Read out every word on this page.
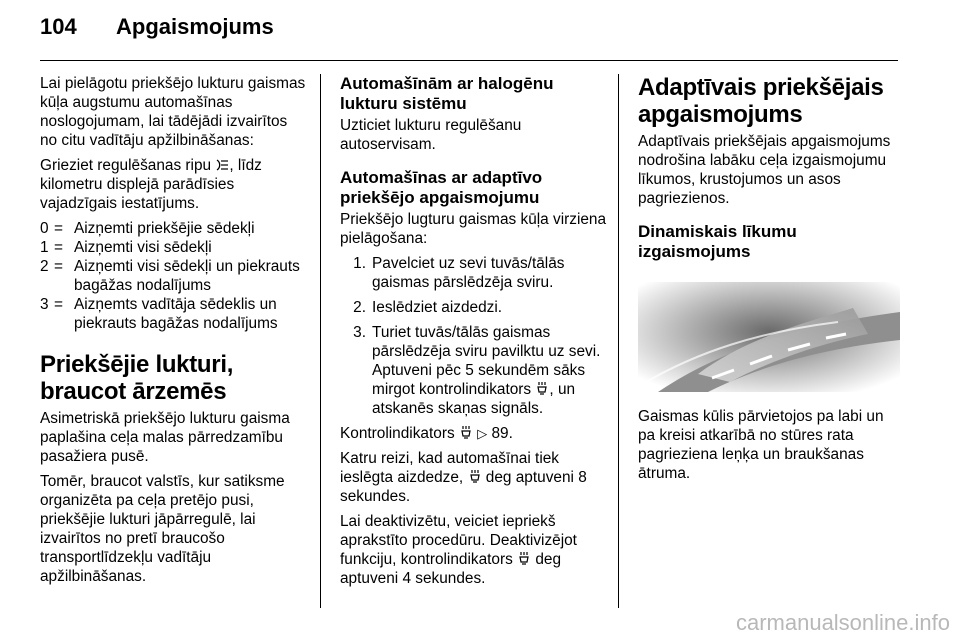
104 Apgaismojums

Lai pielāgotu priekšējo lukturu gaismas kūļa augstumu automašīnas noslogojumam, lai tādējādi izvairītos no citu vadītāju apžilbināšanas:

Grieziet regulēšanas ripu , līdz kilometru displejā parādīsies vajadzīgais iestatījums.

0 = Aizņemti priekšējie sēdekļi
1 = Aizņemti visi sēdekļi
2 = Aizņemti visi sēdekļi un piekrauts bagāžas nodalījums
3 = Aizņemts vadītāja sēdeklis un piekrauts bagāžas nodalījums
Priekšējie lukturi, braucot ārzemēs

Asimetriskā priekšējo lukturu gaisma paplašina ceļa malas pārredzamību pasažiera pusē.

Tomēr, braucot valstīs, kur satiksme organizēta pa ceļa pretējo pusi, priekšējie lukturi jāpārregulē, lai izvairītos no pretī braucošo transportlīdzekļu vadītāju apžilbināšanas.

Automašīnām ar halogēnu lukturu sistēmu

Uzticiet lukturu regulēšanu autoservisam.

Automašīnas ar adaptīvo priekšējo apgaismojumu

Priekšējo lugturu gaismas kūļa virziena pielāgošana:

1. Pavelciet uz sevi tuvās/tālās gaismas pārslēdzēja sviru.
2. Ieslēdziet aizdedzi.
3. Turiet tuvās/tālās gaismas pārslēdzēja sviru pavilktu uz sevi. Aptuveni pēc 5 sekundēm sāks mirgot kontrolindikators , un atskanēs skaņas signāls.

Kontrolindikators ▷ 89.

Katru reizi, kad automašīnai tiek ieslēgta aizdedze, deg aptuveni 8 sekundes.

Lai deaktivizētu, veiciet iepriekš aprakstīto procedūru. Deaktivizējot funkciju, kontrolindikators deg aptuveni 4 sekundes.

Adaptīvais priekšējais apgaismojums

Adaptīvais priekšējais apgaismojums nodrošina labāku ceļa izgaismojumu līkumos, krustojumos un asos pagriezienos.

Dinamiskais līkumu izgaismojums

Gaismas kūlis pārvietojos pa labi un pa kreisi atkarībā no stūres rata pagrieziena leņķa un braukšanas ātruma.

carmanualsonline.info
